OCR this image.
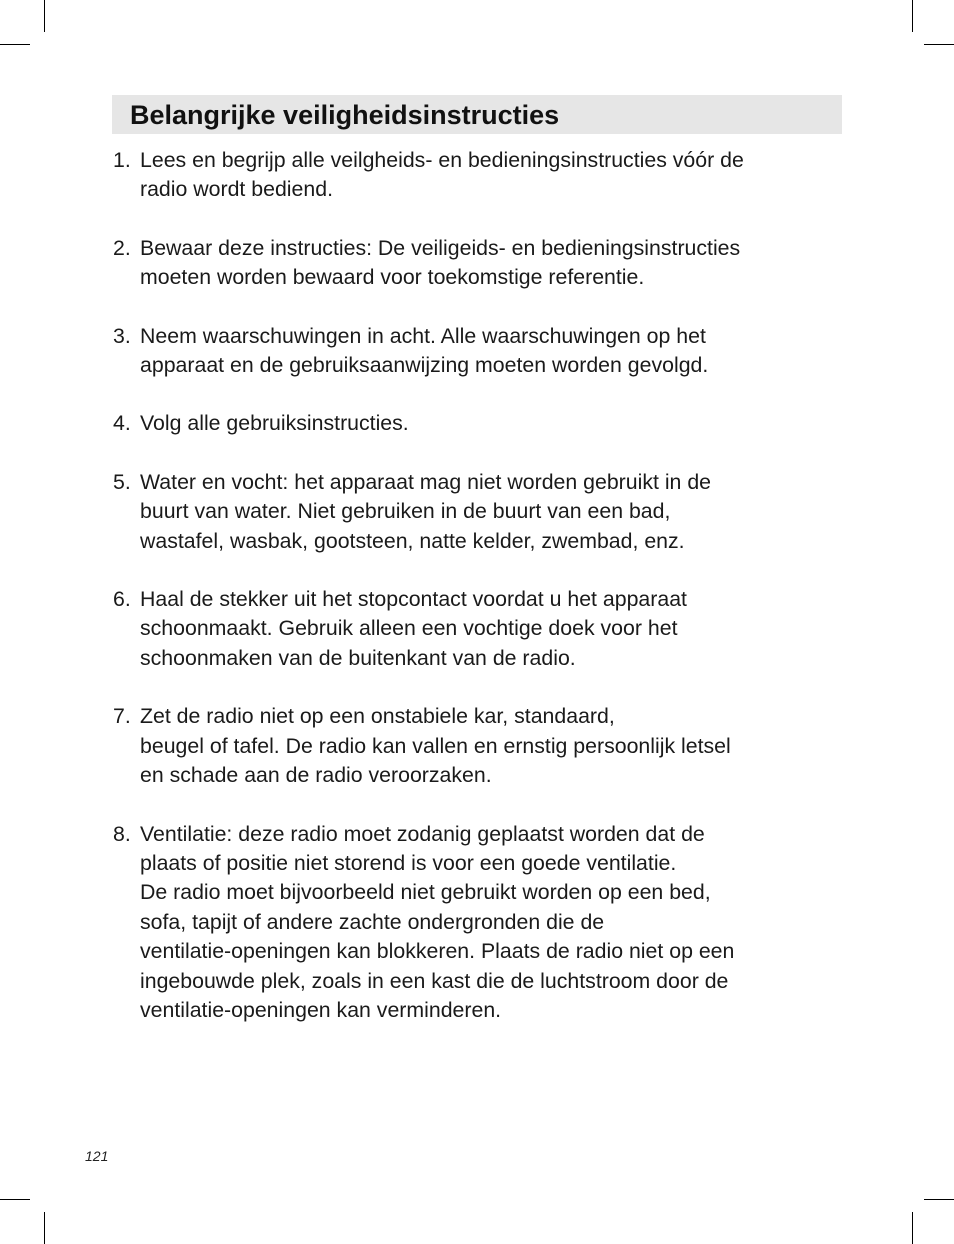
Belangrijke veiligheidsinstructies
1. Lees en begrijp alle veilgheids- en bedieningsinstructies vóór de
radio wordt bediend.
2. Bewaar deze instructies: De veiligeids- en bedieningsinstructies
moeten worden bewaard voor toekomstige referentie.
3. Neem waarschuwingen in acht. Alle waarschuwingen op het
apparaat en de gebruiksaanwijzing moeten worden gevolgd.
4. Volg alle gebruiksinstructies.
5. Water en vocht: het apparaat mag niet worden gebruikt in de
buurt van water. Niet gebruiken in de buurt van een bad,
wastafel, wasbak, gootsteen, natte kelder, zwembad, enz.
6. Haal de stekker uit het stopcontact voordat u het apparaat
schoonmaakt. Gebruik alleen een vochtige doek voor het
schoonmaken van de buitenkant van de radio.
7. Zet de radio niet op een onstabiele kar, standaard,
beugel of tafel. De radio kan vallen en ernstig persoonlijk letsel
en schade aan de radio veroorzaken.
8. Ventilatie: deze radio moet zodanig geplaatst worden dat de
plaats of positie niet storend is voor een goede ventilatie.
De radio moet bijvoorbeeld niet gebruikt worden op een bed,
sofa, tapijt of andere zachte ondergronden die de
ventilatie-openingen kan blokkeren. Plaats de radio niet op een
ingebouwde plek, zoals in een kast die de luchtstroom door de
ventilatie-openingen kan verminderen.
121
